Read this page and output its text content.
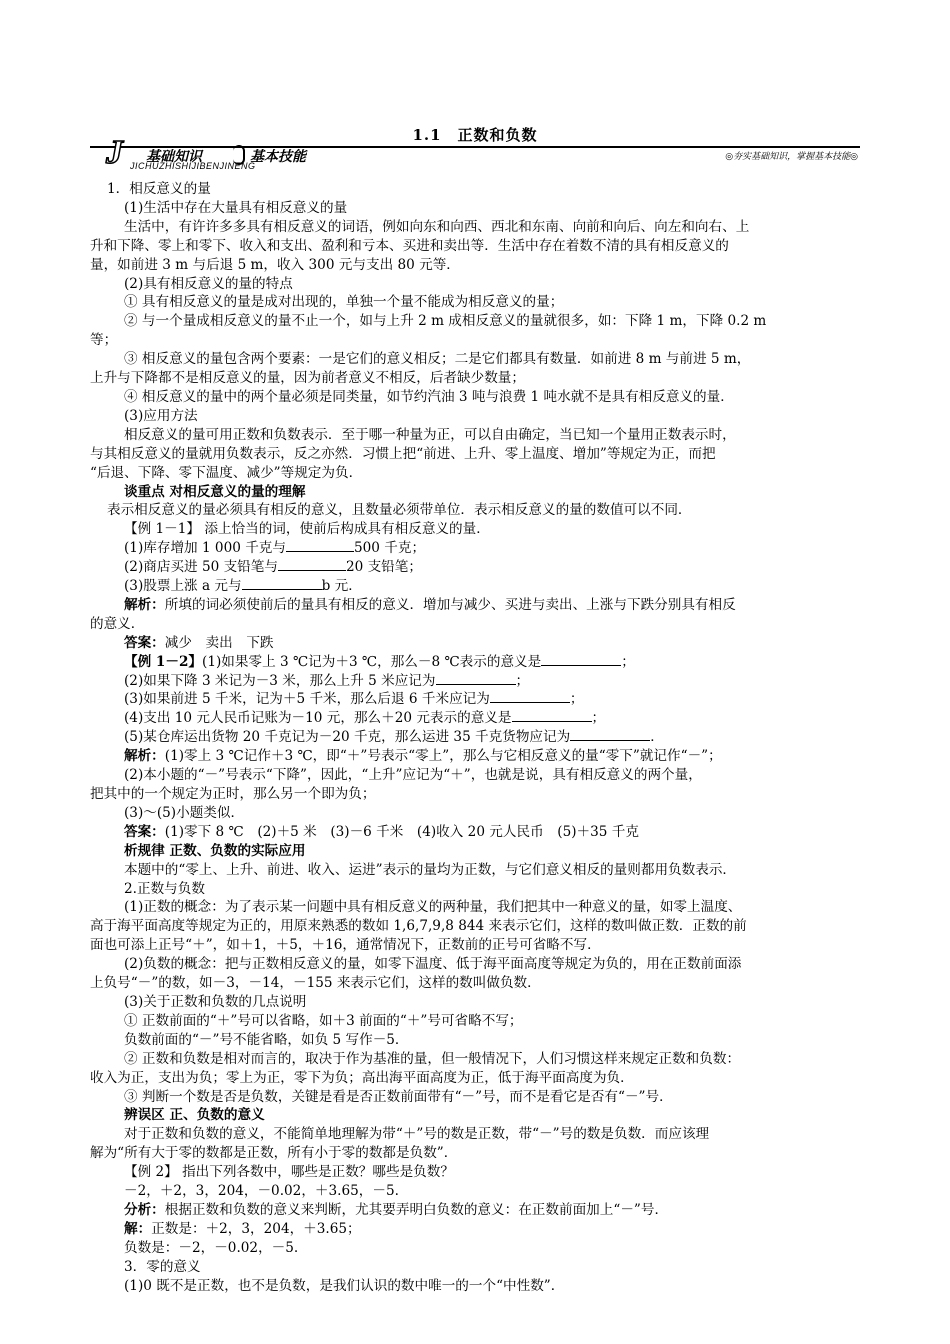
1.1　正数和负数
J 基础知识	基本技能
JICHUZHISHIJIBENJINENG
◎夯实基础知识，掌握基本技能◎

1．相反意义的量

(1)生活中存在大量具有相反意义的量

生活中，有许许多多具有相反意义的词语，例如向东和向西、西北和东南、向前和向后、向左和向右、上

升和下降、零上和零下、收入和支出、盈利和亏本、买进和卖出等．生活中存在着数不清的具有相反意义的

量，如前进 3 m 与后退 5 m，收入 300 元与支出 80 元等．

(2)具有相反意义的量的特点

① 具有相反意义的量是成对出现的，单独一个量不能成为相反意义的量；

② 与一个量成相反意义的量不止一个，如与上升 2 m 成相反意义的量就很多，如：下降 1 m，下降 0.2 m

等；

③ 相反意义的量包含两个要素：一是它们的意义相反；二是它们都具有数量．如前进 8 m 与前进 5 m，

上升与下降都不是相反意义的量，因为前者意义不相反，后者缺少数量；

④ 相反意义的量中的两个量必须是同类量，如节约汽油 3 吨与浪费 1 吨水就不是具有相反意义的量．

(3)应用方法

相反意义的量可用正数和负数表示．至于哪一种量为正，可以自由确定，当已知一个量用正数表示时，

与其相反意义的量就用负数表示，反之亦然．习惯上把“前进、上升、零上温度、增加”等规定为正，而把

“后退、下降、零下温度、减少”等规定为负．

谈重点 对相反意义的量的理解

表示相反意义的量必须具有相反的意义，且数量必须带单位．表示相反意义的量的数值可以不同．

【例 1－1】 添上恰当的词，使前后构成具有相反意义的量．

(1)库存增加 1 000 千克与	500 千克；

(2)商店买进 50 支铅笔与	20 支铅笔；

(3)股票上涨 a 元与	b 元．

解析：所填的词必须使前后的量具有相反的意义．增加与减少、买进与卖出、上涨与下跌分别具有相反

的意义．

答案：减少　卖出　下跌

【例 1－2】(1)如果零上 3 ℃记为＋3 ℃，那么－8 ℃表示的意义是	；

(2)如果下降 3 米记为－3 米，那么上升 5 米应记为	；

(3)如果前进 5 千米，记为＋5 千米，那么后退 6 千米应记为	；

(4)支出 10 元人民币记账为－10 元，那么＋20 元表示的意义是	；

(5)某仓库运出货物 20 千克记为－20 千克，那么运进 35 千克货物应记为	．

解析：(1)零上 3 ℃记作＋3 ℃，即“＋”号表示“零上”，那么与它相反意义的量“零下”就记作“－”；

(2)本小题的“－”号表示“下降”，因此，“上升”应记为“＋”，也就是说，具有相反意义的两个量，

把其中的一个规定为正时，那么另一个即为负；

(3)～(5)小题类似．

答案：(1)零下 8 ℃　(2)＋5 米　(3)－6 千米　(4)收入 20 元人民币　(5)＋35 千克

析规律 正数、负数的实际应用

本题中的“零上、上升、前进、收入、运进”表示的量均为正数，与它们意义相反的量则都用负数表示．

2.正数与负数

(1)正数的概念：为了表示某一问题中具有相反意义的两种量，我们把其中一种意义的量，如零上温度、

高于海平面高度等规定为正的，用原来熟悉的数如 1,6,7,9,8 844 来表示它们，这样的数叫做正数．正数的前

面也可添上正号“＋”，如＋1，＋5，＋16，通常情况下，正数前的正号可省略不写．

(2)负数的概念：把与正数相反意义的量，如零下温度、低于海平面高度等规定为负的，用在正数前面添

上负号“－”的数，如－3，－14，－155 来表示它们，这样的数叫做负数．

(3)关于正数和负数的几点说明

① 正数前面的“＋”号可以省略，如＋3 前面的“＋”号可省略不写；

负数前面的“－”号不能省略，如负 5 写作－5．

② 正数和负数是相对而言的，取决于作为基准的量，但一般情况下，人们习惯这样来规定正数和负数：

收入为正，支出为负；零上为正，零下为负；高出海平面高度为正，低于海平面高度为负．

③ 判断一个数是否是负数，关键是看是否正数前面带有“－”号，而不是看它是否有“－”号．

辨误区 正、负数的意义

对于正数和负数的意义，不能简单地理解为带“＋”号的数是正数，带“－”号的数是负数．而应该理

解为“所有大于零的数都是正数，所有小于零的数都是负数”．

【例 2】 指出下列各数中，哪些是正数？哪些是负数？

－2，＋2，3，204，－0.02，＋3.65，－5.

分析：根据正数和负数的意义来判断，尤其要弄明白负数的意义：在正数前面加上“－”号．

解：正数是：＋2，3，204，＋3.65；

负数是：－2，－0.02，－5.

3．零的意义

(1)0 既不是正数，也不是负数，是我们认识的数中唯一的一个“中性数”．
